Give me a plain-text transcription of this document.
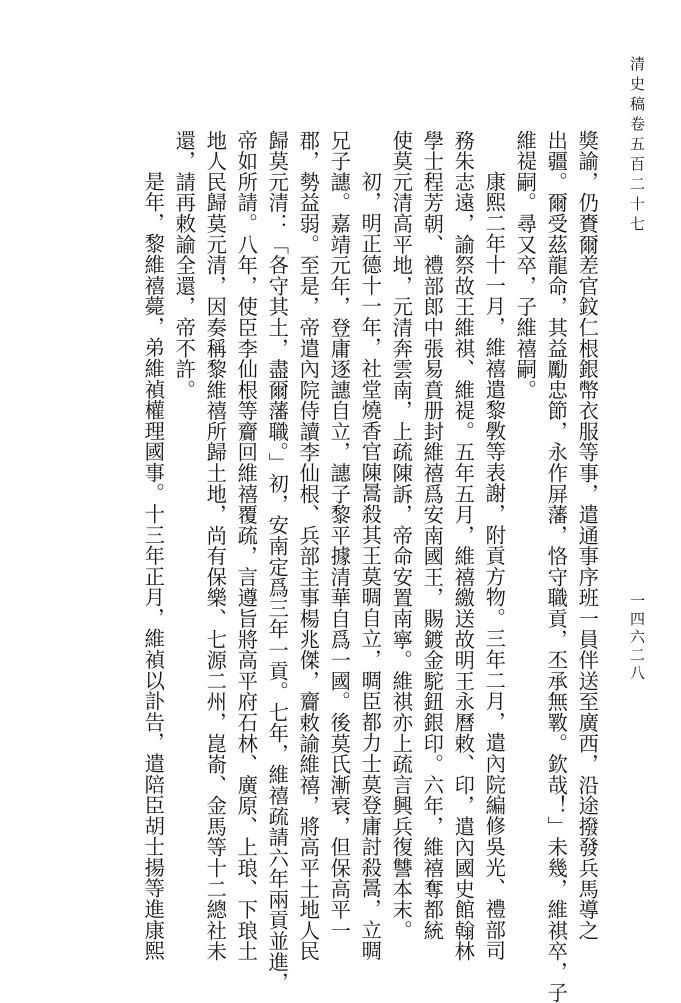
清史稿卷五百二十七
一四六二八
獎諭，仍賚爾差官鈫仁根銀幣衣服等事，遣通事序班一員伴送至廣西，沿途撥發兵馬導之
出疆。爾受茲龍命，其益勵忠節，永作屏藩，恪守職貢，丕承無斁。欽哉！」未幾，維祺卒，子
維禔嗣。尋又卒，子維禧嗣。
康熙二年十一月，維禧遣黎斆等表謝，附貢方物。三年二月，遣內院編修吳光、禮部司
務朱志遠，諭祭故王維祺、維禔。五年五月，維禧繳送故明王永曆敕、印，遣內國史館翰林
學士程芳朝、禮部郎中張易賁册封維禧爲安南國王，賜鍍金駝鈕銀印。六年，維禧奪都統
使莫元清高平地，元清奔雲南，上疏陳訴，帝命安置南寧。維祺亦上疏言興兵復讐本末。
初，明正德十一年，社堂燒香官陳暠殺其王莫晭自立，晭臣都力士莫登庸討殺暠，立晭
兄子譓。嘉靖元年，登庸逐譓自立，譓子黎平據清華自爲一國。後莫氏漸衰，但保高平一
郡，勢益弱。至是，帝遣內院侍讀李仙根、兵部主事楊兆傑，齎敕諭維禧，將高平土地人民
歸莫元清：「各守其土，盡爾藩職。」初，安南定爲三年一貢。七年，維禧疏請六年兩貢並進，
帝如所請。八年，使臣李仙根等齎回維禧覆疏，言遵旨將高平府石林、廣原、上琅、下琅土
地人民歸莫元清，因奏稱黎維禧所歸土地，尚有保樂、七源二州，崑嵛、金馬等十二總社未
還，請再敕諭全還，帝不許。
是年，黎維禧薨，弟維禎權理國事。十三年正月，維禎以訃告，遣陪臣胡士揚等進康熙
